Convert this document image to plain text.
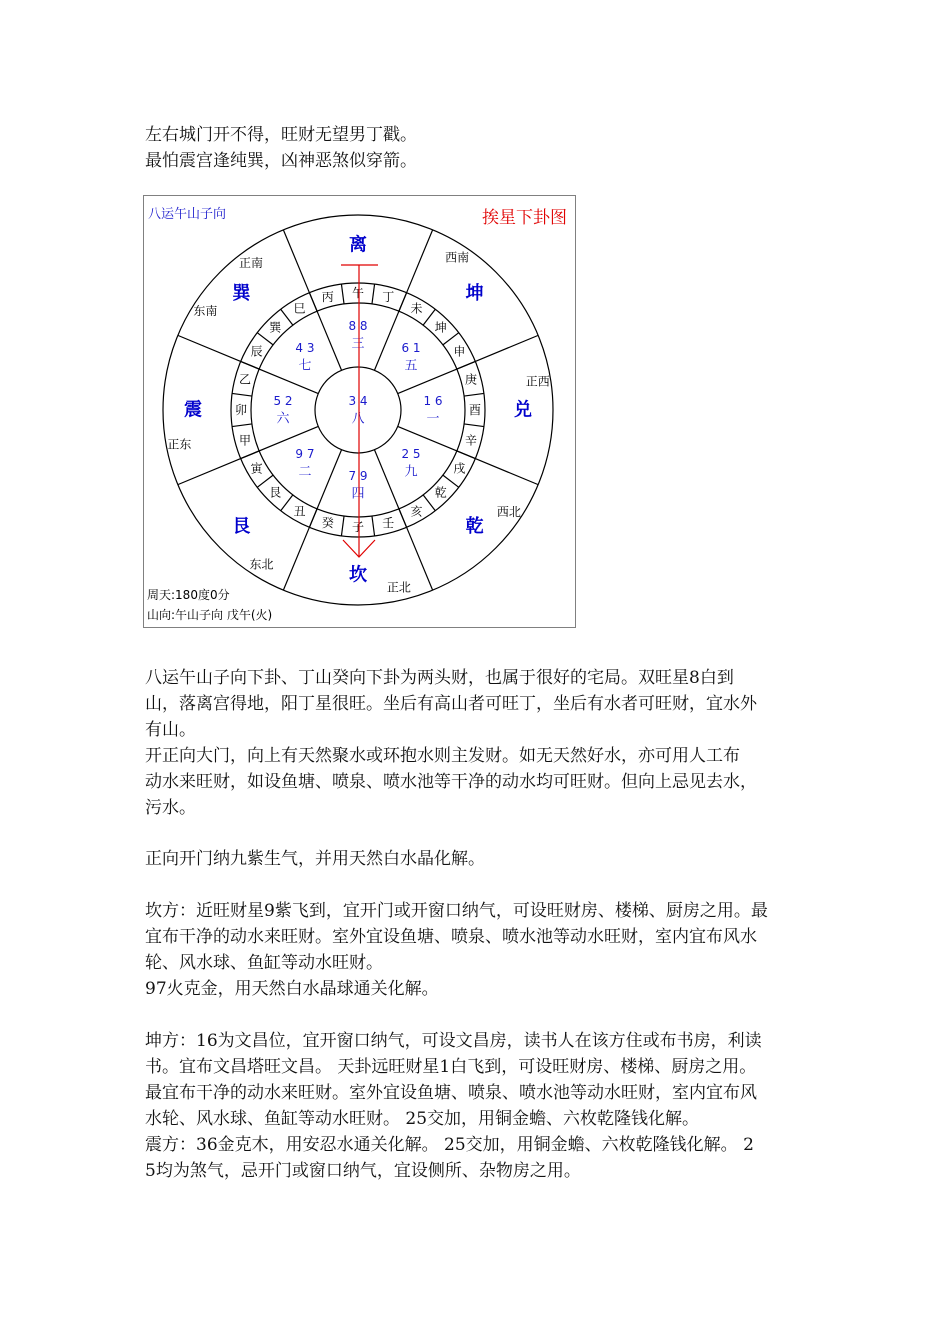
左右城门开不得，旺财无望男丁戳。
最怕震宫逢纯巽，凶神恶煞似穿箭。
离
8 8
三
坤
6 1
五
兑
1 6
一
乾
2 5
九
坎
7 9
四
艮
9 7
二
震	5 2
六
巽
4 3
七
3 4
八
丙 午 丁
未
坤
申
庚
酉
辛
戌
乾
亥
壬
子
癸
丑
艮
寅
甲
卯
乙
辰
巽
巳
正南	西南
正西
西北
正北
东北
正东
东南
八运午山子向	挨星下卦图
周天:180度0分
山向:午山子向 戊午(火)
八运午山子向下卦、丁山癸向下卦为两头财，也属于很好的宅局。双旺星8白到
山，落离宫得地，阳丁星很旺。坐后有高山者可旺丁，坐后有水者可旺财，宜水外
有山。
开正向大门，向上有天然聚水或环抱水则主发财。如无天然好水，亦可用人工布
动水来旺财，如设鱼塘、喷泉、喷水池等干净的动水均可旺财。但向上忌见去水，
污水。
正向开门纳九紫生气，并用天然白水晶化解。
坎方：近旺财星9紫飞到，宜开门或开窗口纳气，可设旺财房、楼梯、厨房之用。最
宜布干净的动水来旺财。室外宜设鱼塘、喷泉、喷水池等动水旺财，室内宜布风水
轮、风水球、鱼缸等动水旺财。
97火克金，用天然白水晶球通关化解。
坤方：16为文昌位，宜开窗口纳气，可设文昌房，读书人在该方住或布书房，利读
书。宜布文昌塔旺文昌。 天卦远旺财星1白飞到，可设旺财房、楼梯、厨房之用。
最宜布干净的动水来旺财。室外宜设鱼塘、喷泉、喷水池等动水旺财，室内宜布风
水轮、风水球、鱼缸等动水旺财。 25交加，用铜金蟾、六枚乾隆钱化解。
震方：36金克木，用安忍水通关化解。 25交加，用铜金蟾、六枚乾隆钱化解。 2
5均为煞气，忌开门或窗口纳气，宜设侧所、杂物房之用。
